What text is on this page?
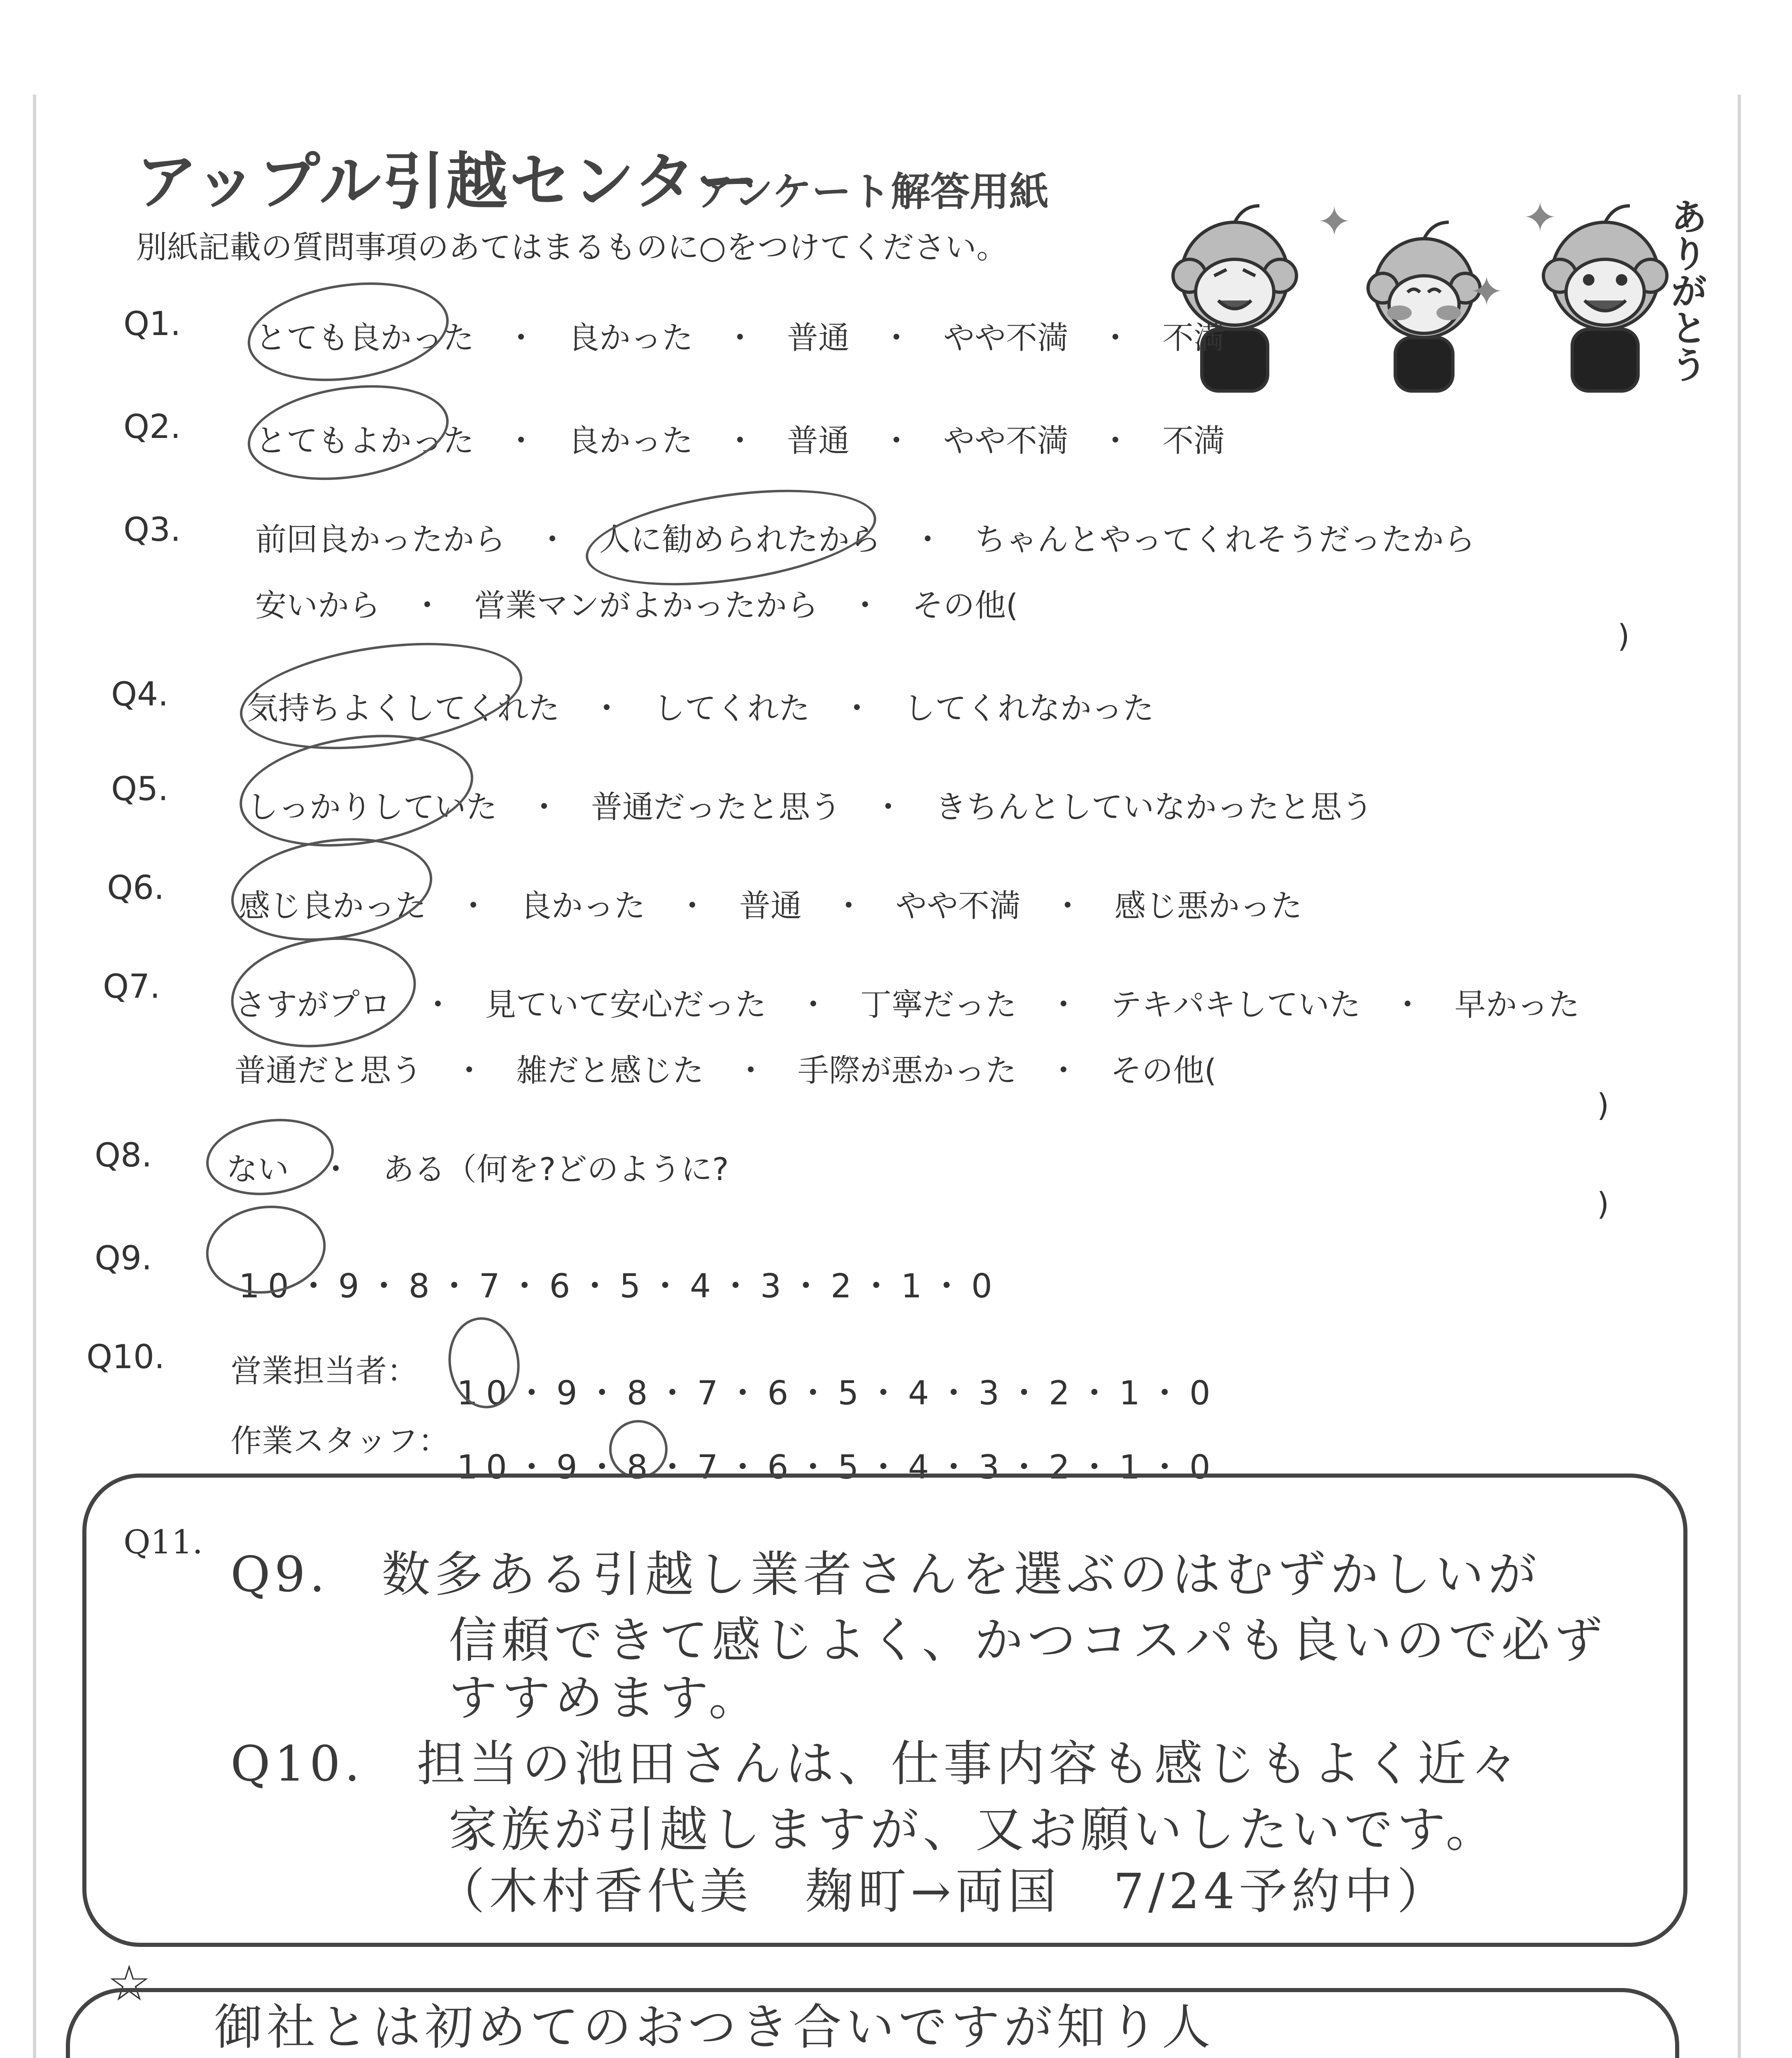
アップル引越センター
アンケート解答用紙
別紙記載の質問事項のあてはまるものに○をつけてください。
✦	✦
✦	ありがとう
Q1. とても良かった　・　良かった　・　普通　・　やや不満　・　不満
Q2. とてもよかった　・　良かった　・　普通　・　やや不満　・　不満
Q3. 前回良かったから　・　人に勧められたから　・　ちゃんとやってくれそうだったから
安いから　・　営業マンがよかったから　・　その他(
)
Q4.	気持ちよくしてくれた　・　してくれた　・　してくれなかった
Q5.	しっかりしていた　・　普通だったと思う　・　きちんとしていなかったと思う
Q6. 感じ良かった　・　良かった　・　普通　・　やや不満　・　感じ悪かった
Q7. さすがプロ　・　見ていて安心だった　・　丁寧だった　・　テキパキしていた　・　早かった
普通だと思う　・　雑だと感じた　・　手際が悪かった　・　その他(
)
Q8. ない　・　ある（何を?どのように?
)
Q9.
10・9・8・7・6・5・4・3・2・1・0
Q10. 営業担当者：
10・9・8・7・6・5・4・3・2・1・0
作業スタッフ：
10・9・8・7・6・5・4・3・2・1・0
Q11.
Q9.　数多ある引越し業者さんを選ぶのはむずかしいが
信頼できて感じよく、かつコスパも良いので必ず
すすめます。
Q10.　担当の池田さんは、仕事内容も感じもよく近々
家族が引越しますが、又お願いしたいです。
（木村香代美　麹町→両国　7/24予約中）
☆
御社とは初めてのおつき合いですが知り人
